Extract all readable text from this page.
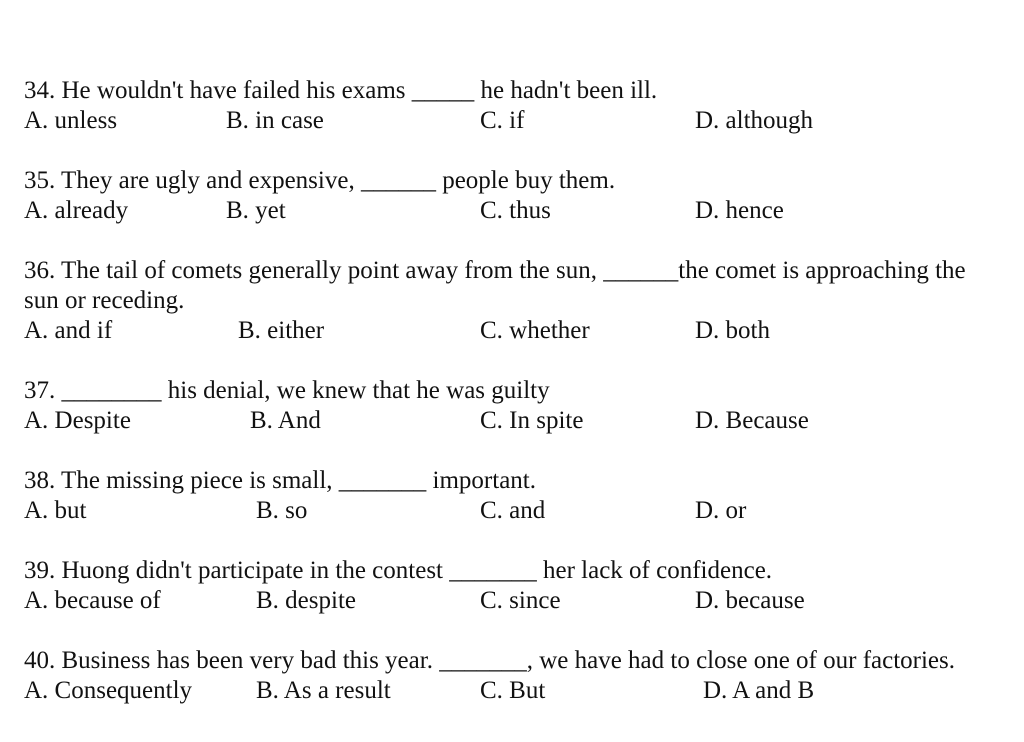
34. He wouldn't have failed his exams _____ he hadn't been ill.
A. unless	B. in case	C. if	D. although
35. They are ugly and expensive, ______ people buy them.
A. already	B. yet	C. thus	D. hence
36. The tail of comets generally point away from the sun, ______the comet is approaching the sun or receding.
A. and if	B. either	C. whether	D. both
37. ________ his denial, we knew that he was guilty
A. Despite	B. And	C. In spite	D. Because
38. The missing piece is small, _______ important.
A. but	B. so	C. and	D. or
39. Huong didn't participate in the contest _______ her lack of confidence.
A. because of	B. despite	C. since	D. because
40. Business has been very bad this year. _______, we have had to close one of our factories.
A. Consequently	B. As a result	C. But	D. A and B
